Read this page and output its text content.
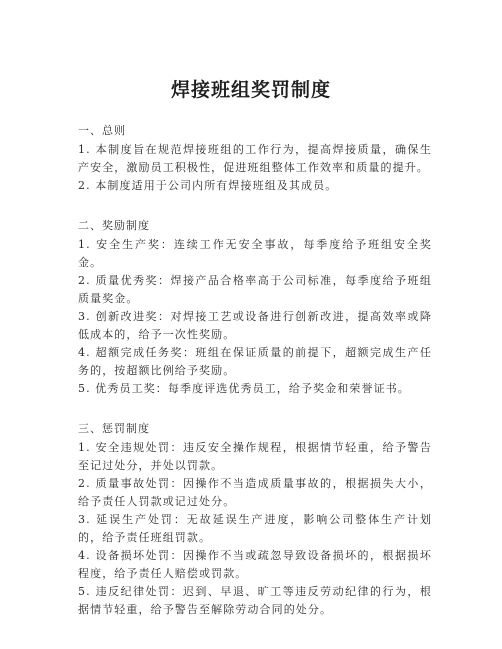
焊接班组奖罚制度
一、总则
1. 本制度旨在规范焊接班组的工作行为，提高焊接质量，确保生产安全，激励员工积极性，促进班组整体工作效率和质量的提升。
2. 本制度适用于公司内所有焊接班组及其成员。
二、奖励制度
1. 安全生产奖：连续工作无安全事故，每季度给予班组安全奖金。
2. 质量优秀奖：焊接产品合格率高于公司标准，每季度给予班组质量奖金。
3. 创新改进奖：对焊接工艺或设备进行创新改进，提高效率或降低成本的，给予一次性奖励。
4. 超额完成任务奖：班组在保证质量的前提下，超额完成生产任务的，按超额比例给予奖励。
5. 优秀员工奖：每季度评选优秀员工，给予奖金和荣誉证书。
三、惩罚制度
1. 安全违规处罚：违反安全操作规程，根据情节轻重，给予警告至记过处分，并处以罚款。
2. 质量事故处罚：因操作不当造成质量事故的，根据损失大小，给予责任人罚款或记过处分。
3. 延误生产处罚：无故延误生产进度，影响公司整体生产计划的，给予责任班组罚款。
4. 设备损坏处罚：因操作不当或疏忽导致设备损坏的，根据损坏程度，给予责任人赔偿或罚款。
5. 违反纪律处罚：迟到、早退、旷工等违反劳动纪律的行为，根据情节轻重，给予警告至解除劳动合同的处分。
